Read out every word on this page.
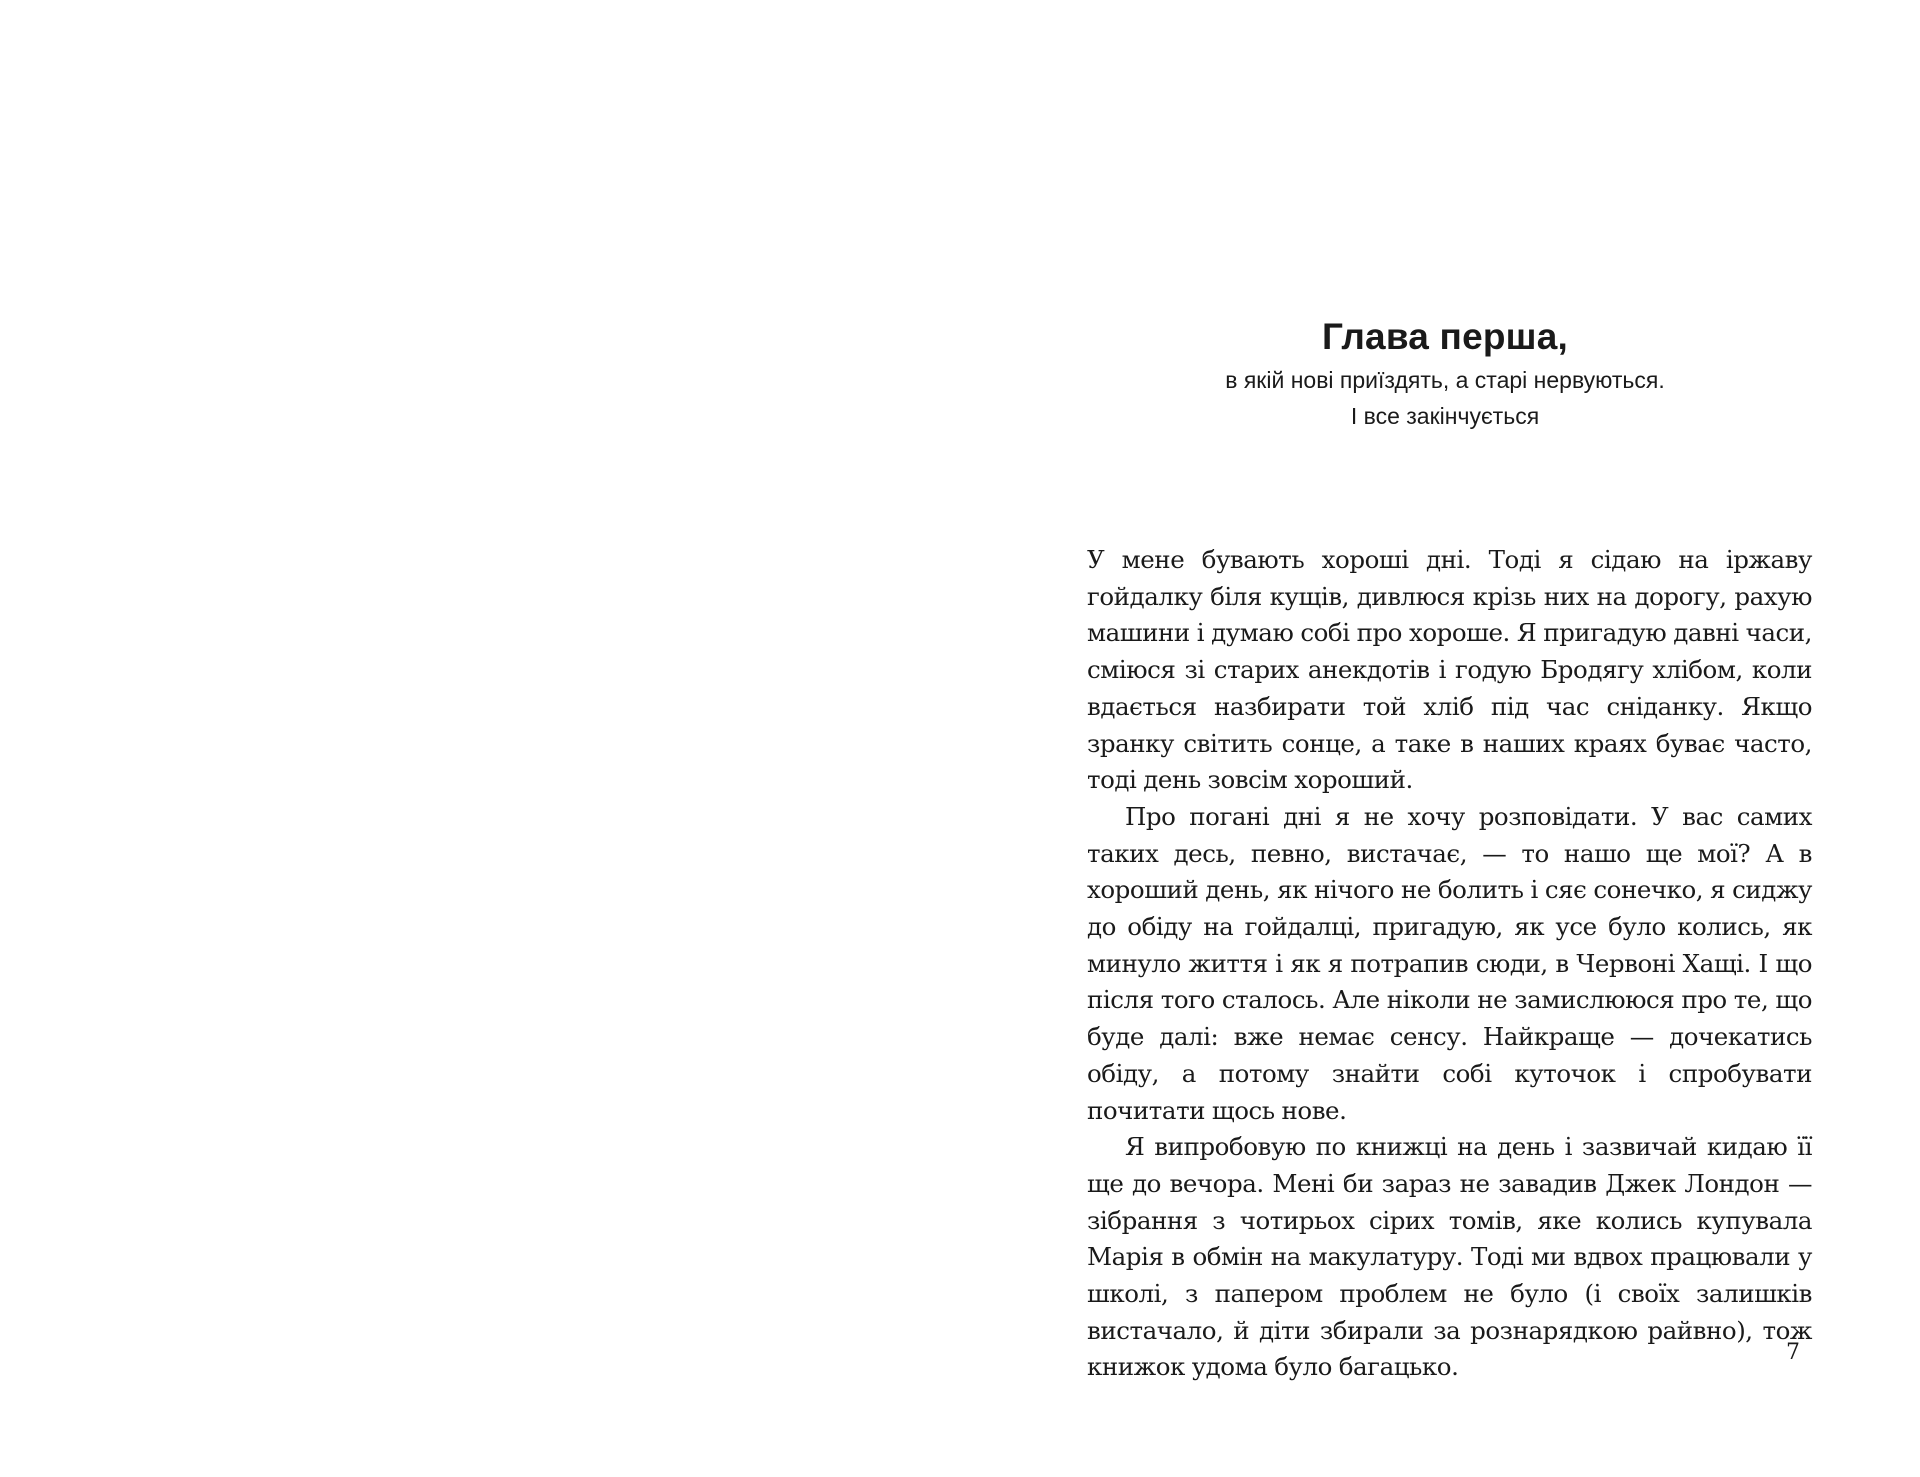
Глава перша,
в якій нові приїздять, а старі нервуються.
І все закінчується

У мене бувають хороші дні. Тоді я сідаю на іржаву гойдалку біля кущів, дивлюся крізь них на дорогу, рахую машини і думаю собі про хороше. Я пригадую давні часи, сміюся зі старих анекдотів і годую Бродягу хлібом, коли вдається назбирати той хліб під час сніданку. Якщо зранку світить сонце, а таке в наших краях буває часто, тоді день зовсім хороший.

Про погані дні я не хочу розповідати. У вас самих таких десь, певно, вистачає, — то нашо ще мої? А в хороший день, як нічого не болить і сяє сонечко, я сиджу до обіду на гойдалці, пригадую, як усе було колись, як минуло життя і як я потрапив сюди, в Червоні Хащі. І що після того сталось. Але ніколи не замислююся про те, що буде далі: вже немає сенсу. Найкраще — дочекатись обіду, а потому знайти собі куточок і спробувати почитати щось нове.

Я випробовую по книжці на день і зазвичай кидаю її ще до вечора. Мені би зараз не завадив Джек Лондон — зібрання з чотирьох сірих томів, яке колись купувала Марія в обмін на макулатуру. Тоді ми вдвох працювали у школі, з папером проблем не було (і своїх залишків вистачало, й діти збирали за рознарядкою райвно), тож книжок удома було багацько.	7
